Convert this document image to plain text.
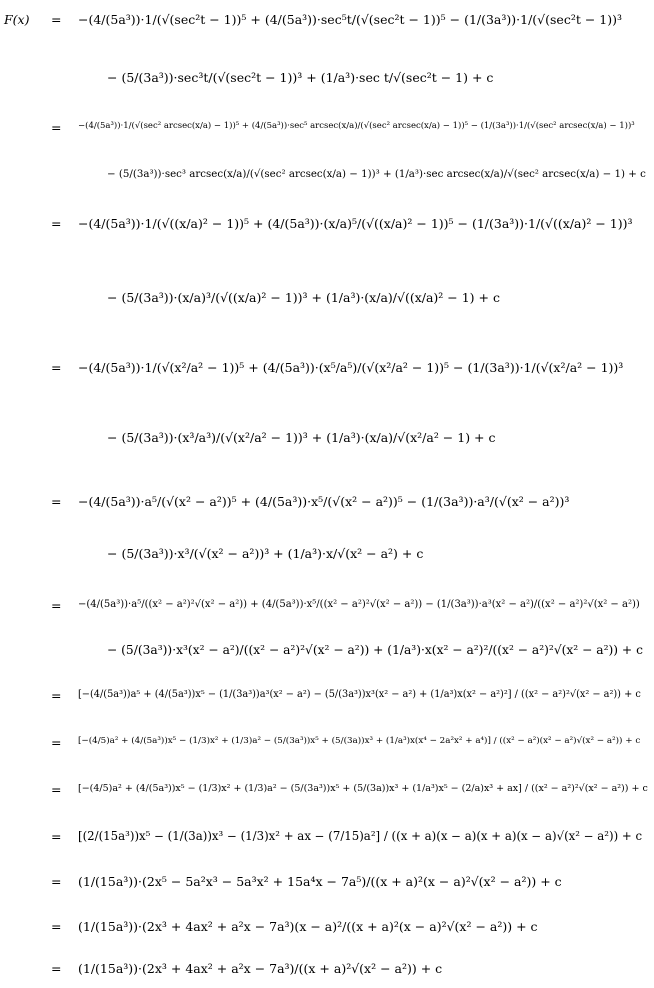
F(x) = −(4/(5a³))·1/(√(sec²t − 1))⁵ + (4/(5a³))·sec⁵t/(√(sec²t − 1))⁵ − (1/(3a³))·1/(√(sec²t − 1))³
− (5/(3a³))·sec³t/(√(sec²t − 1))³ + (1/a³)·sec t/√(sec²t − 1) + c
= −(4/(5a³))·1/(√(sec² arcsec(x/a) − 1))⁵ + (4/(5a³))·sec⁵ arcsec(x/a)/(√(sec² arcsec(x/a) − 1))⁵ − (1/(3a³))·1/(√(sec² arcsec(x/a) − 1))³
− (5/(3a³))·sec³ arcsec(x/a)/(√(sec² arcsec(x/a) − 1))³ + (1/a³)·sec arcsec(x/a)/√(sec² arcsec(x/a) − 1) + c
= −(4/(5a³))·1/(√((x/a)² − 1))⁵ + (4/(5a³))·(x/a)⁵/(√((x/a)² − 1))⁵ − (1/(3a³))·1/(√((x/a)² − 1))³
− (5/(3a³))·(x/a)³/(√((x/a)² − 1))³ + (1/a³)·(x/a)/√((x/a)² − 1) + c
= −(4/(5a³))·1/(√(x²/a² − 1))⁵ + (4/(5a³))·(x⁵/a⁵)/(√(x²/a² − 1))⁵ − (1/(3a³))·1/(√(x²/a² − 1))³
− (5/(3a³))·(x³/a³)/(√(x²/a² − 1))³ + (1/a³)·(x/a)/√(x²/a² − 1) + c
= −(4/(5a³))·a⁵/(√(x² − a²))⁵ + (4/(5a³))·x⁵/(√(x² − a²))⁵ − (1/(3a³))·a³/(√(x² − a²))³
− (5/(3a³))·x³/(√(x² − a²))³ + (1/a³)·x/√(x² − a²) + c
= −(4/(5a³))·a⁵/((x² − a²)²√(x² − a²)) + (4/(5a³))·x⁵/((x² − a²)²√(x² − a²)) − (1/(3a³))·a³(x² − a²)/((x² − a²)²√(x² − a²))
− (5/(3a³))·x³(x² − a²)/((x² − a²)²√(x² − a²)) + (1/a³)·x(x² − a²)²/((x² − a²)²√(x² − a²)) + c
= [−(4/(5a³))a⁵ + (4/(5a³))x⁵ − (1/(3a³))a³(x² − a²) − (5/(3a³))x³(x² − a²) + (1/a³)x(x² − a²)²] / ((x² − a²)²√(x² − a²)) + c
= [−(4/5)a² + (4/(5a³))x⁵ − (1/3)x² + (1/3)a² − (5/(3a³))x⁵ + (5/(3a))x³ + (1/a³)x(x⁴ − 2a²x² + a⁴)] / ((x² − a²)(x² − a²)√(x² − a²)) + c
= [−(4/5)a² + (4/(5a³))x⁵ − (1/3)x² + (1/3)a² − (5/(3a³))x⁵ + (5/(3a))x³ + (1/a³)x⁵ − (2/a)x³ + ax] / ((x² − a²)²√(x² − a²)) + c
= [(2/(15a³))x⁵ − (1/(3a))x³ − (1/3)x² + ax − (7/15)a²] / ((x + a)(x − a)(x + a)(x − a)√(x² − a²)) + c
= (1/(15a³))·(2x⁵ − 5a²x³ − 5a³x² + 15a⁴x − 7a⁵)/((x + a)²(x − a)²√(x² − a²)) + c
= (1/(15a³))·(2x³ + 4ax² + a²x − 7a³)(x − a)²/((x + a)²(x − a)²√(x² − a²)) + c
= (1/(15a³))·(2x³ + 4ax² + a²x − 7a³)/((x + a)²√(x² − a²)) + c
